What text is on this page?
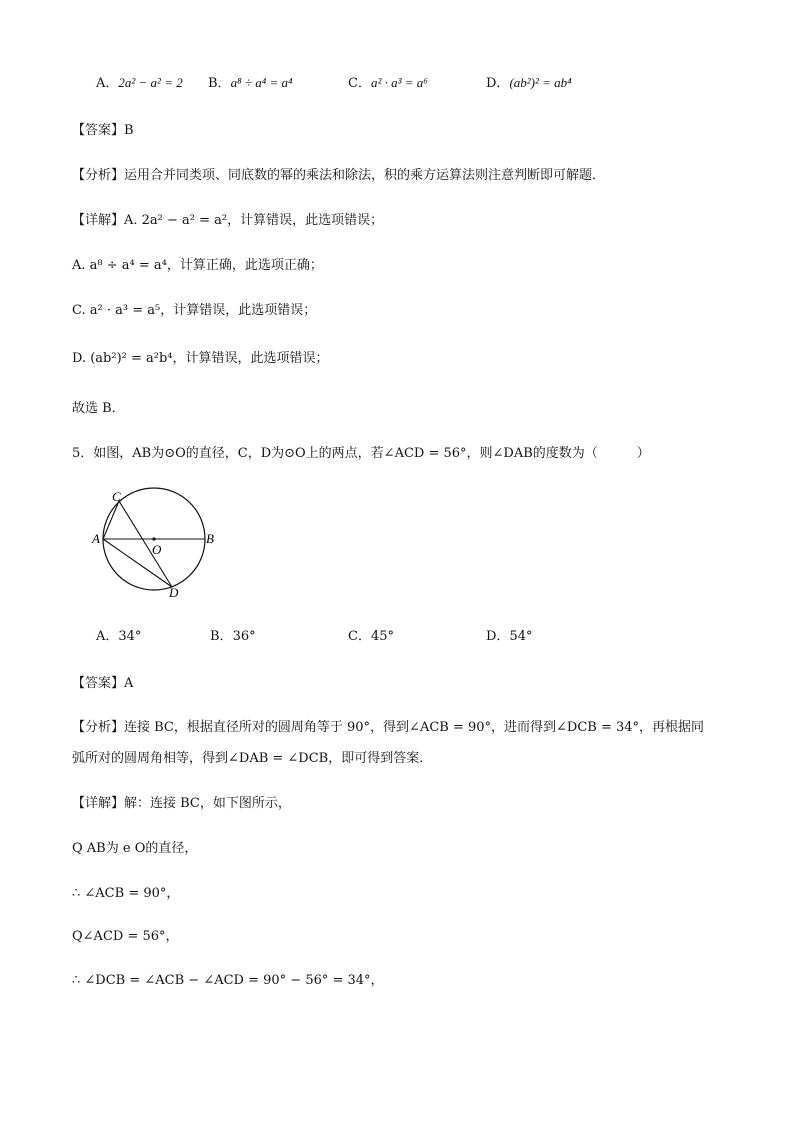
A．2a² − a² = 2 B．a⁸ ÷ a⁴ = a⁴	C．a² · a³ = a⁶	D．(ab²)² = ab⁴
【答案】B
【分析】运用合并同类项、同底数的幂的乘法和除法，积的乘方运算法则注意判断即可解题．
【详解】A. 2a² − a² = a²，计算错误，此选项错误；
A. a⁸ ÷ a⁴ = a⁴，计算正确，此选项正确；
C. a² · a³ = a⁵，计算错误，此选项错误；
D. (ab²)² = a²b⁴，计算错误，此选项错误；
故选 B．
5．如图，AB为⊙O的直径，C，D为⊙O上的两点，若∠ACD = 56°，则∠DAB的度数为（　　　）
C
A
O
B
D
A．34°	B．36°	C．45°	D．54°
【答案】A
【分析】连接 BC，根据直径所对的圆周角等于 90°，得到∠ACB = 90°，进而得到∠DCB = 34°，再根据同
弧所对的圆周角相等，得到∠DAB = ∠DCB，即可得到答案．
【详解】解：连接 BC，如下图所示，
Q AB为 e O的直径，
∴ ∠ACB = 90°，
Q∠ACD = 56°，
∴ ∠DCB = ∠ACB − ∠ACD = 90° − 56° = 34°，
